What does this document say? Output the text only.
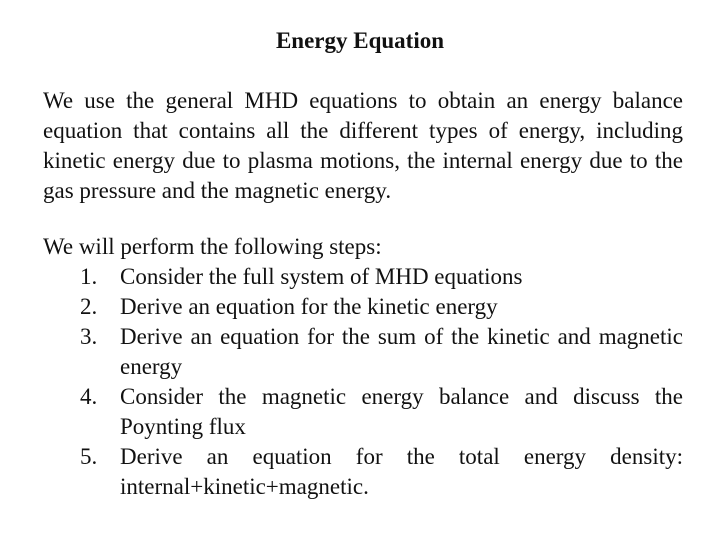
Energy Equation

We use the general MHD equations to obtain an energy balance equation that contains all the different types of energy, including kinetic energy due to plasma motions, the internal energy due to the gas pressure and the magnetic energy.

We will perform the following steps:

1. Consider the full system of MHD equations
2. Derive an equation for the kinetic energy
3. Derive an equation for the sum of the kinetic and magnetic energy
4. Consider the magnetic energy balance and discuss the Poynting flux
5. Derive an equation for the total energy density: internal+kinetic+magnetic.
